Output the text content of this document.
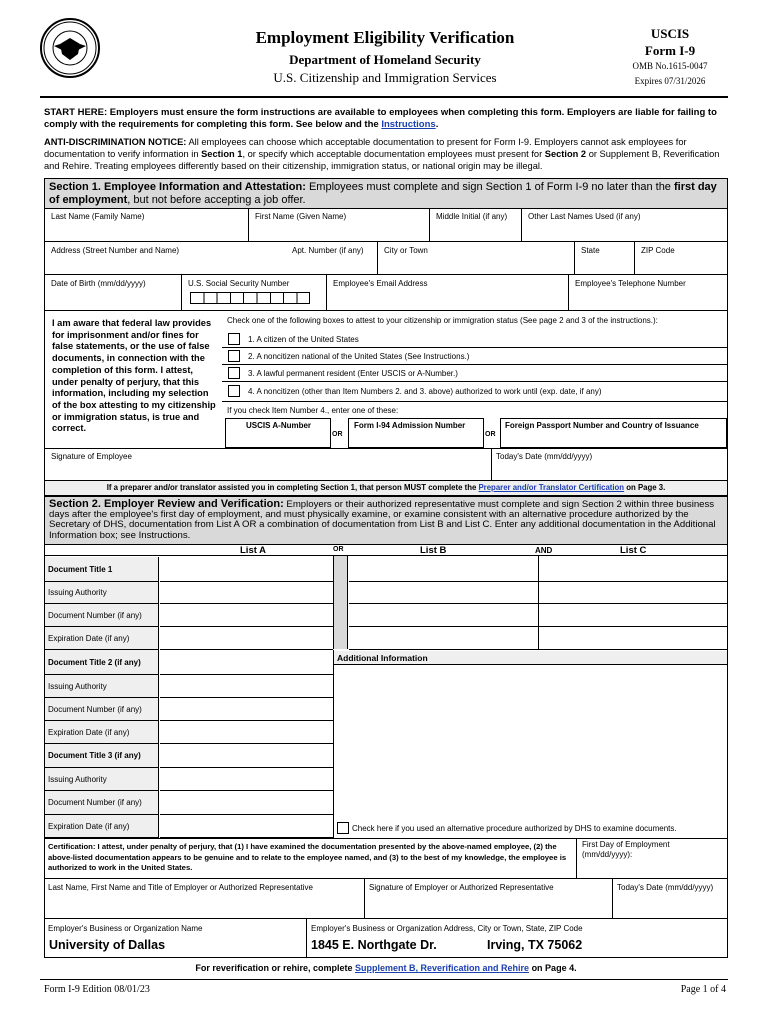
Employment Eligibility Verification
Department of Homeland Security
U.S. Citizenship and Immigration Services
USCIS
Form I-9
OMB No.1615-0047
Expires 07/31/2026
START HERE: Employers must ensure the form instructions are available to employees when completing this form. Employers are liable for failing to comply with the requirements for completing this form. See below and the Instructions.
ANTI-DISCRIMINATION NOTICE: All employees can choose which acceptable documentation to present for Form I-9. Employers cannot ask employees for documentation to verify information in Section 1, or specify which acceptable documentation employees must present for Section 2 or Supplement B, Reverification and Rehire. Treating employees differently based on their citizenship, immigration status, or national origin may be illegal.
Section 1. Employee Information and Attestation: Employees must complete and sign Section 1 of Form I-9 no later than the first day of employment, but not before accepting a job offer.
Last Name (Family Name)	First Name (Given Name)	Middle Initial (if any)	Other Last Names Used (if any)
Address (Street Number and Name)	Apt. Number (if any)	City or Town	State	ZIP Code
Date of Birth (mm/dd/yyyy)	U.S. Social Security Number	Employee's Email Address	Employee's Telephone Number
I am aware that federal law provides for imprisonment and/or fines for false statements, or the use of false documents, in connection with the completion of this form. I attest, under penalty of perjury, that this information, including my selection of the box attesting to my citizenship or immigration status, is true and correct.
Check one of the following boxes to attest to your citizenship or immigration status (See page 2 and 3 of the instructions.):
1. A citizen of the United States
2. A noncitizen national of the United States (See Instructions.)
3. A lawful permanent resident (Enter USCIS or A-Number.)
4. A noncitizen (other than Item Numbers 2. and 3. above) authorized to work until (exp. date, if any)
If you check Item Number 4., enter one of these:
USCIS A-Number
OR
Form I-94 Admission Number
OR
Foreign Passport Number and Country of Issuance
Signature of Employee	Today's Date (mm/dd/yyyy)
If a preparer and/or translator assisted you in completing Section 1, that person MUST complete the Preparer and/or Translator Certification on Page 3.
Section 2. Employer Review and Verification: Employers or their authorized representative must complete and sign Section 2 within three business days after the employee's first day of employment, and must physically examine, or examine consistent with an alternative procedure authorized by the Secretary of DHS, documentation from List A OR a combination of documentation from List B and List C. Enter any additional documentation in the Additional Information box; see Instructions.
List A	OR	List B	AND	List C
Document Title 1
Issuing Authority
Document Number (if any)
Expiration Date (if any)
Document Title 2 (if any)
Issuing Authority
Document Number (if any)
Expiration Date (if any)
Document Title 3 (if any)
Issuing Authority
Document Number (if any)
Expiration Date (if any)
Additional Information
Check here if you used an alternative procedure authorized by DHS to examine documents.
Certification: I attest, under penalty of perjury, that (1) I have examined the documentation presented by the above-named employee, (2) the above-listed documentation appears to be genuine and to relate to the employee named, and (3) to the best of my knowledge, the employee is authorized to work in the United States.
First Day of Employment (mm/dd/yyyy):
Last Name, First Name and Title of Employer or Authorized Representative	Signature of Employer or Authorized Representative	Today's Date (mm/dd/yyyy)
Employer's Business or Organization Name
University of Dallas
Employer's Business or Organization Address, City or Town, State, ZIP Code
1845 E. Northgate Dr.	Irving, TX 75062
For reverification or rehire, complete Supplement B, Reverification and Rehire on Page 4.
Form I-9 Edition 08/01/23	Page 1 of 4
